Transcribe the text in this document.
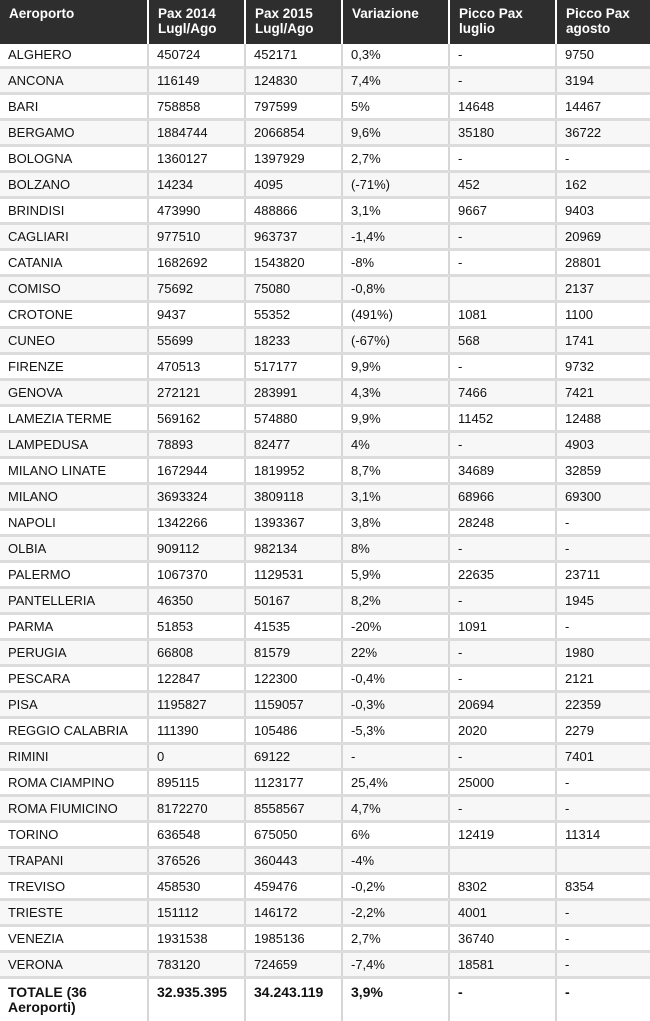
Aeroporto	Pax 2014 Lugl/Ago	Pax 2015 Lugl/Ago	Variazione	Picco Pax luglio	Picco Pax agosto
ALGHERO	450724	452171	0,3%	-	9750
ANCONA	116149	124830	7,4%	-	3194
BARI	758858	797599	5%	14648	14467
BERGAMO	1884744	2066854	9,6%	35180	36722
BOLOGNA	1360127	1397929	2,7%	-	-
BOLZANO	14234	4095	(-71%)	452	162
BRINDISI	473990	488866	3,1%	9667	9403
CAGLIARI	977510	963737	-1,4%	-	20969
CATANIA	1682692	1543820	-8%	-	28801
COMISO	75692	75080	-0,8%		2137
CROTONE	9437	55352	(491%)	1081	1100
CUNEO	55699	18233	(-67%)	568	1741
FIRENZE	470513	517177	9,9%	-	9732
GENOVA	272121	283991	4,3%	7466	7421
LAMEZIA TERME	569162	574880	9,9%	11452	12488
LAMPEDUSA	78893	82477	4%	-	4903
MILANO LINATE	1672944	1819952	8,7%	34689	32859
MILANO	3693324	3809118	3,1%	68966	69300
NAPOLI	1342266	1393367	3,8%	28248	-
OLBIA	909112	982134	8%	-	-
PALERMO	1067370	1129531	5,9%	22635	23711
PANTELLERIA	46350	50167	8,2%	-	1945
PARMA	51853	41535	-20%	1091	-
PERUGIA	66808	81579	22%	-	1980
PESCARA	122847	122300	-0,4%	-	2121
PISA	1195827	1159057	-0,3%	20694	22359
REGGIO CALABRIA	111390	105486	-5,3%	2020	2279
RIMINI	0	69122	-	-	7401
ROMA CIAMPINO	895115	1123177	25,4%	25000	-
ROMA FIUMICINO	8172270	8558567	4,7%	-	-
TORINO	636548	675050	6%	12419	11314
TRAPANI	376526	360443	-4%		
TREVISO	458530	459476	-0,2%	8302	8354
TRIESTE	151112	146172	-2,2%	4001	-
VENEZIA	1931538	1985136	2,7%	36740	-
VERONA	783120	724659	-7,4%	18581	-
TOTALE (36 Aeroporti)	32.935.395	34.243.119	3,9%	-	-
